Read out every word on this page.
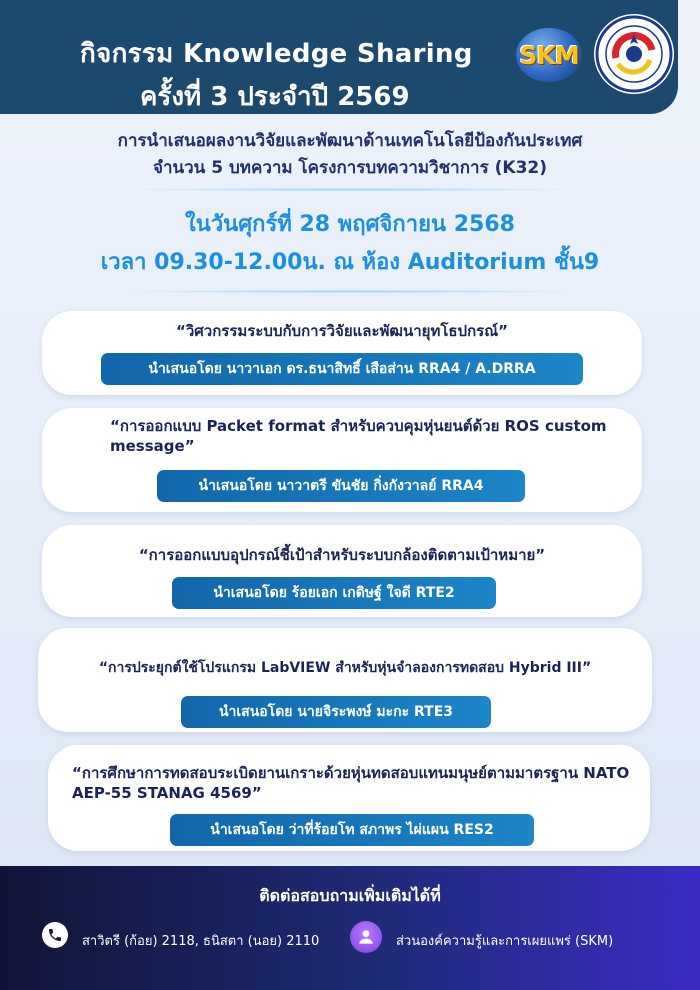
กิจกรรม Knowledge Sharing
ครั้งที่ 3 ประจำปี 2569
SKM
การนำเสนอผลงานวิจัยและพัฒนาด้านเทคโนโลยีป้องกันประเทศ
จำนวน 5 บทความ โครงการบทความวิชาการ (K32)
ในวันศุกร์ที่ 28 พฤศจิกายน 2568
เวลา 09.30-12.00น. ณ ห้อง Auditorium ชั้น9
“วิศวกรรมระบบกับการวิจัยและพัฒนายุทโธปกรณ์”
นำเสนอโดย นาวาเอก ดร.ธนาสิทธิ์ เสือส่าน RRA4 / A.DRRA
“การออกแบบ Packet format สำหรับควบคุมหุ่นยนต์ด้วย ROS custom message”
นำเสนอโดย นาวาตรี ขันชัย กิ่งกังวาลย์ RRA4
“การออกแบบอุปกรณ์ชี้เป้าสำหรับระบบกล้องติดตามเป้าหมาย”
นำเสนอโดย ร้อยเอก เกดิษฐ์ ใจดี RTE2
“การประยุกต์ใช้โปรแกรม LabVIEW สำหรับหุ่นจำลองการทดสอบ Hybrid III”
นำเสนอโดย นายจิระพงษ์ มะกะ RTE3
“การศึกษาการทดสอบระเบิดยานเกราะด้วยหุ่นทดสอบแทนมนุษย์ตามมาตรฐาน NATO AEP-55 STANAG 4569”
นำเสนอโดย ว่าที่ร้อยโท สภาพร ไผ่แผน RES2
ติดต่อสอบถามเพิ่มเติมได้ที่
สาวิตรี (ก้อย) 2118, ธนิสตา (นอย) 2110	ส่วนองค์ความรู้และการเผยแพร่ (SKM)
